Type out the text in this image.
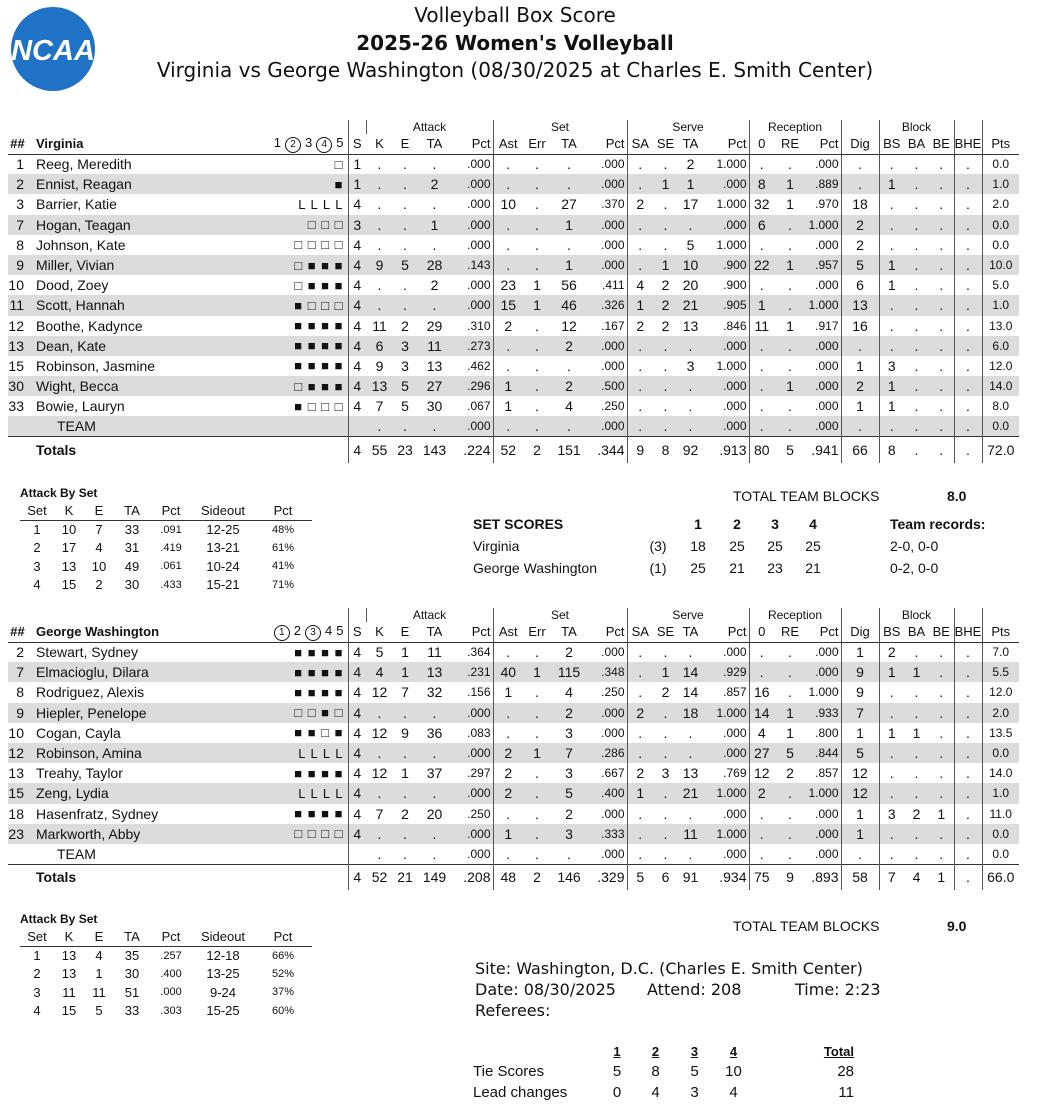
NCAA
Volleyball Box Score
2025-26 Women's Volleyball
Virginia vs George Washington (08/30/2025 at Charles E. Smith Center)
				Attack				Set				Serve				Reception				Block				
##	Virginia	1 2 3 4 5	S	K	E	TA	Pct	Ast	Err	TA	Pct	SA	SE	TA	Pct	0	RE	Pct	Dig	BS	BA	BE	BHE	Pts
1	Reeg, Meredith	□	1	.	.	.	.000	.	.	.	.000	.	.	2	1.000	.	.	.000	.	.	.	.	.	0.0
2	Ennist, Reagan	■	1	.	.	2	.000	.	.	.	.000	.	1	1	.000	8	1	.889	.	1	.	.	.	1.0
3	Barrier, Katie	L L L L	4	.	.	.	.000	10	.	27	.370	2	.	17	1.000	32	1	.970	18	.	.	.	.	2.0
7	Hogan, Teagan	□ □ □	3	.	.	1	.000	.	.	1	.000	.	.	.	.000	6	.	1.000	2	.	.	.	.	0.0
8	Johnson, Kate	□ □ □ □	4	.	.	.	.000	.	.	.	.000	.	.	5	1.000	.	.	.000	2	.	.	.	.	0.0
9	Miller, Vivian	□ ■ ■ ■	4	9	5	28	.143	.	.	1	.000	.	1	10	.900	22	1	.957	5	1	.	.	.	10.0
10	Dood, Zoey	□ ■ ■ ■	4	.	.	2	.000	23	1	56	.411	4	2	20	.900	.	.	.000	6	1	.	.	.	5.0
11	Scott, Hannah	■ □ □ □	4	.	.	.	.000	15	1	46	.326	1	2	21	.905	1	.	1.000	13	.	.	.	.	1.0
12	Boothe, Kadynce	■ ■ ■ ■	4	11	2	29	.310	2	.	12	.167	2	2	13	.846	11	1	.917	16	.	.	.	.	13.0
13	Dean, Kate	■ ■ ■ ■	4	6	3	11	.273	.	.	2	.000	.	.	.	.000	.	.	.000	.	.	.	.	.	6.0
15	Robinson, Jasmine	■ ■ ■ ■	4	9	3	13	.462	.	.	.	.000	.	.	3	1.000	.	.	.000	1	3	.	.	.	12.0
30	Wight, Becca	□ ■ ■ ■	4	13	5	27	.296	1	.	2	.500	.	.	.	.000	.	1	.000	2	1	.	.	.	14.0
33	Bowie, Lauryn	■ □ □ □	4	7	5	30	.067	1	.	4	.250	.	.	.	.000	.	.	.000	1	1	.	.	.	8.0
	TEAM			.	.	.	.000	.	.	.	.000	.	.	.	.000	.	.	.000	.	.	.	.	.	0.0
	Totals		4	55	23	143	.224	52	2	151	.344	9	8	92	.913	80	5	.941	66	8	.	.	.	72.0
Attack By Set
Set	K	E	TA	Pct	Sideout	Pct
1	10	7	33	.091	12-25	48%
2	17	4	31	.419	13-21	61%
3	13	10	49	.061	10-24	41%
4	15	2	30	.433	15-21	71%
TOTAL TEAM BLOCKS	8.0
SET SCORES		1	2	3	4		Team records:
Virginia	(3)	18	25	25	25		2-0, 0-0
George Washington	(1)	25	21	23	21		0-2, 0-0
				Attack				Set				Serve				Reception				Block				
##	George Washington	1 2 3 4 5	S	K	E	TA	Pct	Ast	Err	TA	Pct	SA	SE	TA	Pct	0	RE	Pct	Dig	BS	BA	BE	BHE	Pts
2	Stewart, Sydney	■ ■ ■ ■	4	5	1	11	.364	.	.	2	.000	.	.	.	.000	.	.	.000	1	2	.	.	.	7.0
7	Elmacioglu, Dilara	■ ■ ■ ■	4	4	1	13	.231	40	1	115	.348	.	1	14	.929	.	.	.000	9	1	1	.	.	5.5
8	Rodriguez, Alexis	■ ■ ■ ■	4	12	7	32	.156	1	.	4	.250	.	2	14	.857	16	.	1.000	9	.	.	.	.	12.0
9	Hiepler, Penelope	□ □ ■ □	4	.	.	.	.000	.	.	2	.000	2	.	18	1.000	14	1	.933	7	.	.	.	.	2.0
10	Cogan, Cayla	■ ■ □ ■	4	12	9	36	.083	.	.	3	.000	.	.	.	.000	4	1	.800	1	1	1	.	.	13.5
12	Robinson, Amina	L L L L	4	.	.	.	.000	2	1	7	.286	.	.	.	.000	27	5	.844	5	.	.	.	.	0.0
13	Treahy, Taylor	■ ■ ■ ■	4	12	1	37	.297	2	.	3	.667	2	3	13	.769	12	2	.857	12	.	.	.	.	14.0
15	Zeng, Lydia	L L L L	4	.	.	.	.000	2	.	5	.400	1	.	21	1.000	2	.	1.000	12	.	.	.	.	1.0
18	Hasenfratz, Sydney	■ ■ ■ ■	4	7	2	20	.250	.	.	2	.000	.	.	.	.000	.	.	.000	1	3	2	1	.	11.0
23	Markworth, Abby	□ □ □ □	4	.	.	.	.000	1	.	3	.333	.	.	11	1.000	.	.	.000	1	.	.	.	.	0.0
	TEAM			.	.	.	.000	.	.	.	.000	.	.	.	.000	.	.	.000	.	.	.	.	.	0.0
	Totals		4	52	21	149	.208	48	2	146	.329	5	6	91	.934	75	9	.893	58	7	4	1	.	66.0
Attack By Set
Set	K	E	TA	Pct	Sideout	Pct
1	13	4	35	.257	12-18	66%
2	13	1	30	.400	13-25	52%
3	11	11	51	.000	9-24	37%
4	15	5	33	.303	15-25	60%
TOTAL TEAM BLOCKS	9.0
Site: Washington, D.C. (Charles E. Smith Center)
Date: 08/30/2025 Attend: 208	Time: 2:23
Referees:
	1	2	3	4	Total
Tie Scores	5	8	5	10	28
Lead changes	0	4	3	4	11
